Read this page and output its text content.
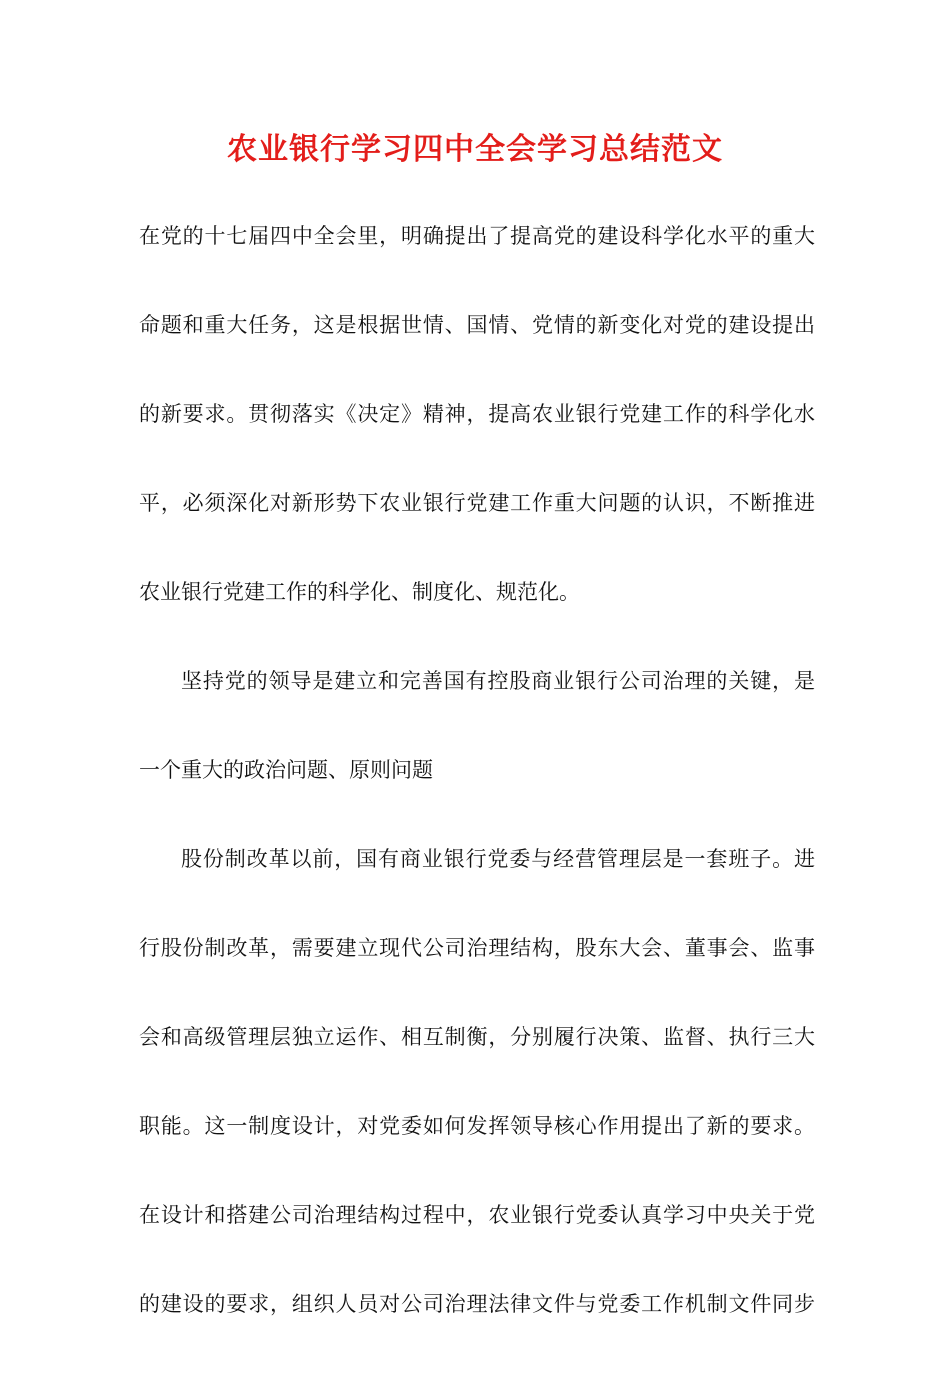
农业银行学习四中全会学习总结范文
在党的十七届四中全会里，明确提出了提高党的建设科学化水平的重大
命题和重大任务，这是根据世情、国情、党情的新变化对党的建设提出
的新要求。贯彻落实《决定》精神，提高农业银行党建工作的科学化水
平，必须深化对新形势下农业银行党建工作重大问题的认识，不断推进
农业银行党建工作的科学化、制度化、规范化。
坚持党的领导是建立和完善国有控股商业银行公司治理的关键，是
一个重大的政治问题、原则问题
股份制改革以前，国有商业银行党委与经营管理层是一套班子。进
行股份制改革，需要建立现代公司治理结构，股东大会、董事会、监事
会和高级管理层独立运作、相互制衡，分别履行决策、监督、执行三大
职能。这一制度设计，对党委如何发挥领导核心作用提出了新的要求。
在设计和搭建公司治理结构过程中，农业银行党委认真学习中央关于党
的建设的要求，组织人员对公司治理法律文件与党委工作机制文件同步
